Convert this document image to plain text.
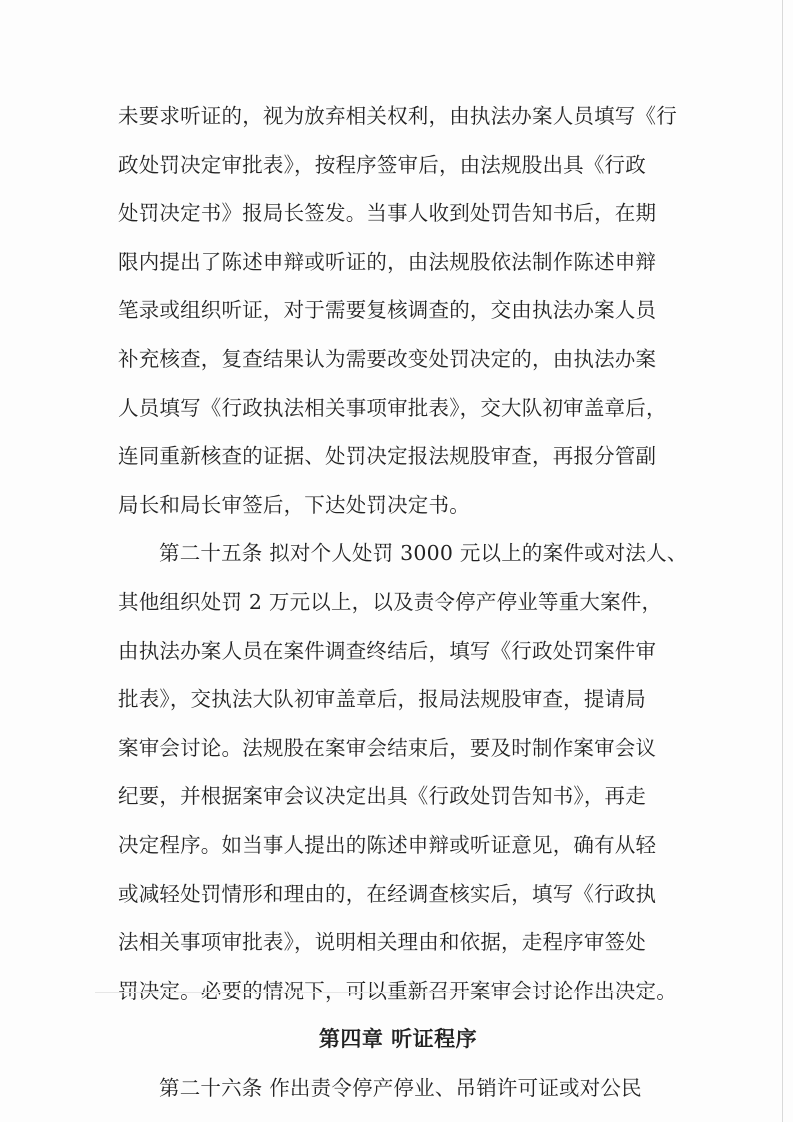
未要求听证的，视为放弃相关权利，由执法办案人员填写《行
政处罚决定审批表》，按程序签审后，由法规股出具《行政
处罚决定书》报局长签发。当事人收到处罚告知书后，在期
限内提出了陈述申辩或听证的，由法规股依法制作陈述申辩
笔录或组织听证，对于需要复核调查的，交由执法办案人员
补充核查，复查结果认为需要改变处罚决定的，由执法办案
人员填写《行政执法相关事项审批表》，交大队初审盖章后，
连同重新核查的证据、处罚决定报法规股审查，再报分管副
局长和局长审签后，下达处罚决定书。
第二十五条 拟对个人处罚 3000 元以上的案件或对法人、
其他组织处罚 2 万元以上，以及责令停产停业等重大案件，
由执法办案人员在案件调查终结后，填写《行政处罚案件审
批表》，交执法大队初审盖章后，报局法规股审查，提请局
案审会讨论。法规股在案审会结束后，要及时制作案审会议
纪要，并根据案审会议决定出具《行政处罚告知书》，再走
决定程序。如当事人提出的陈述申辩或听证意见，确有从轻
或减轻处罚情形和理由的，在经调查核实后，填写《行政执
法相关事项审批表》，说明相关理由和依据，走程序审签处
罚决定。必要的情况下，可以重新召开案审会讨论作出决定。
第四章 听证程序
第二十六条 作出责令停产停业、吊销许可证或对公民
